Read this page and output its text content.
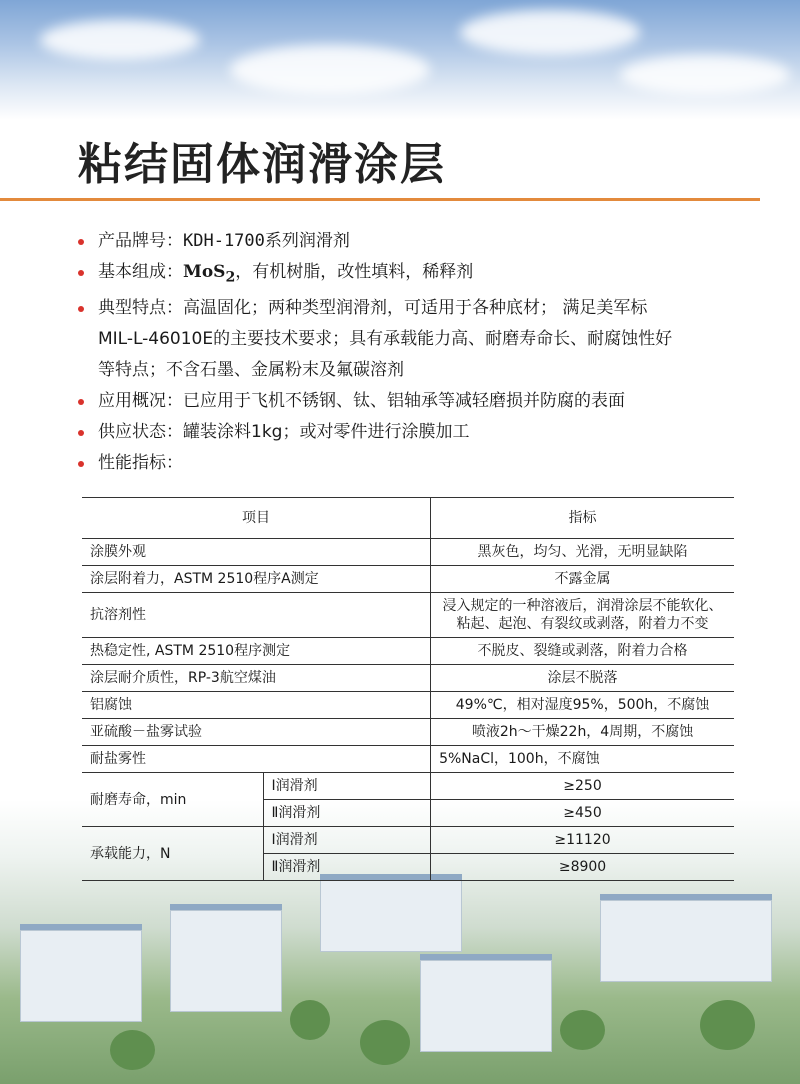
粘结固体润滑涂层
产品牌号：KDH-1700系列润滑剂
基本组成：MoS$_2$，有机树脂，改性填料，稀释剂
典型特点：高温固化；两种类型润滑剂，可适用于各种底材； 满足美军标
MIL-L-46010E的主要技术要求；具有承载能力高、耐磨寿命长、耐腐蚀性好
等特点；不含石墨、金属粉末及氟碳溶剂
应用概况：已应用于飞机不锈钢、钛、铝轴承等减轻磨损并防腐的表面
供应状态：罐装涂料1kg；或对零件进行涂膜加工
性能指标：
项目		指标
涂膜外观		黑灰色，均匀、光滑，无明显缺陷
涂层附着力，ASTM 2510程序A测定		不露金属
抗溶剂性		浸入规定的一种溶液后，润滑涂层不能软化、粘起、起泡、有裂纹或剥落，附着力不变
热稳定性, ASTM 2510程序测定		不脱皮、裂缝或剥落，附着力合格
涂层耐介质性，RP-3航空煤油		涂层不脱落
铝腐蚀		49%℃，相对湿度95%，500h，不腐蚀
亚硫酸－盐雾试验		喷液2h～干燥22h，4周期，不腐蚀
耐盐雾性		5%NaCl，100h，不腐蚀
耐磨寿命，min	Ⅰ润滑剂	≥250
	Ⅱ润滑剂	≥450
承载能力，N	Ⅰ润滑剂	≥11120
	Ⅱ润滑剂	≥8900
